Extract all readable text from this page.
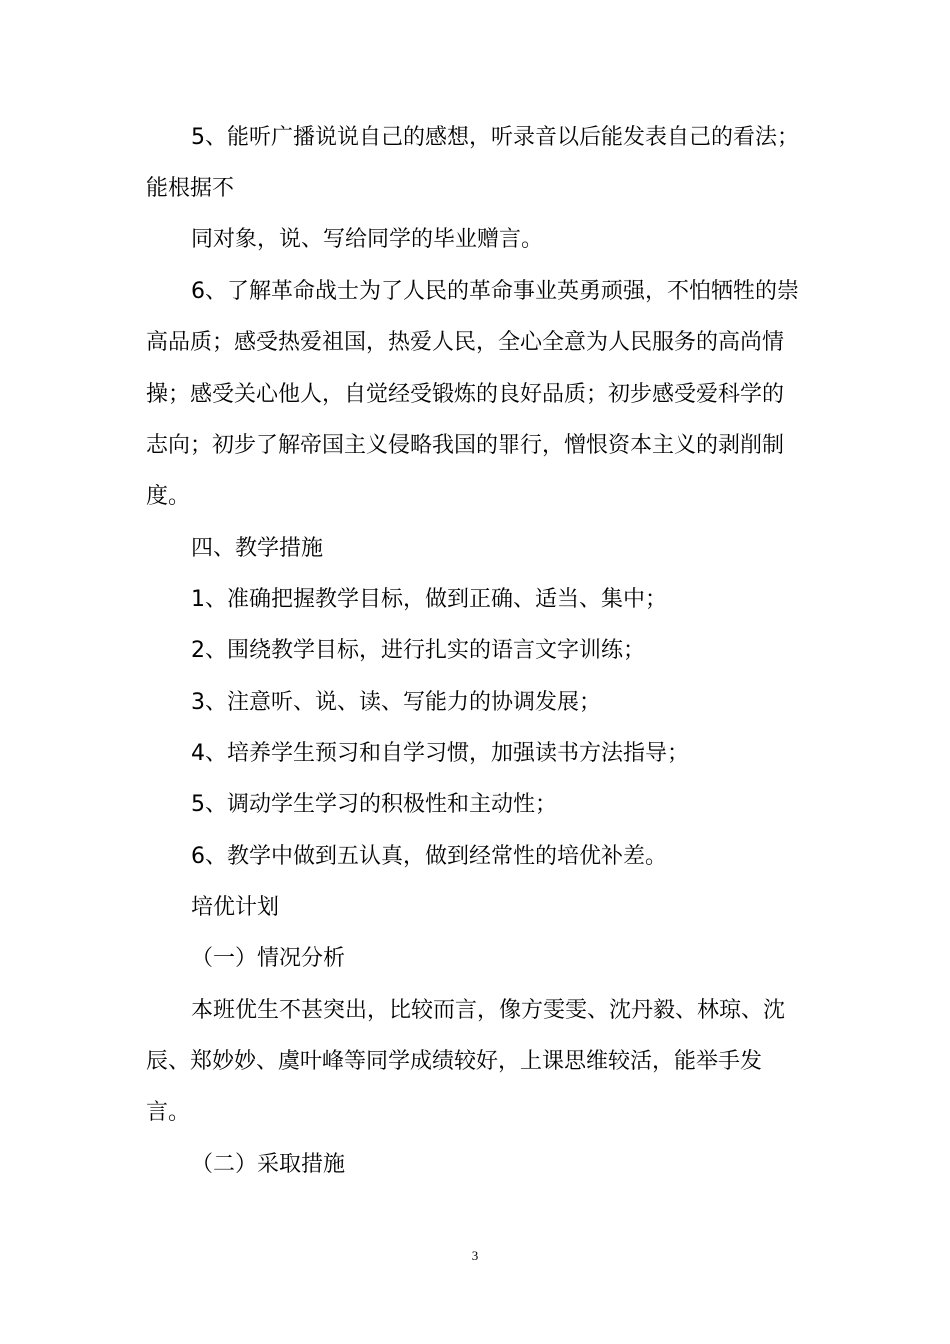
5、能听广播说说自己的感想，听录音以后能发表自己的看法；
能根据不
同对象，说、写给同学的毕业赠言。
6、了解革命战士为了人民的革命事业英勇顽强，不怕牺牲的崇
高品质；感受热爱祖国，热爱人民，全心全意为人民服务的高尚情
操；感受关心他人，自觉经受锻炼的良好品质；初步感受爱科学的
志向；初步了解帝国主义侵略我国的罪行，憎恨资本主义的剥削制
度。
四、教学措施
1、准确把握教学目标，做到正确、适当、集中；
2、围绕教学目标，进行扎实的语言文字训练；
3、注意听、说、读、写能力的协调发展；
4、培养学生预习和自学习惯，加强读书方法指导；
5、调动学生学习的积极性和主动性；
6、教学中做到五认真，做到经常性的培优补差。
培优计划
（一）情况分析
本班优生不甚突出，比较而言，像方雯雯、沈丹毅、林琼、沈
辰、郑妙妙、虞叶峰等同学成绩较好，上课思维较活，能举手发
言。
（二）采取措施
3
